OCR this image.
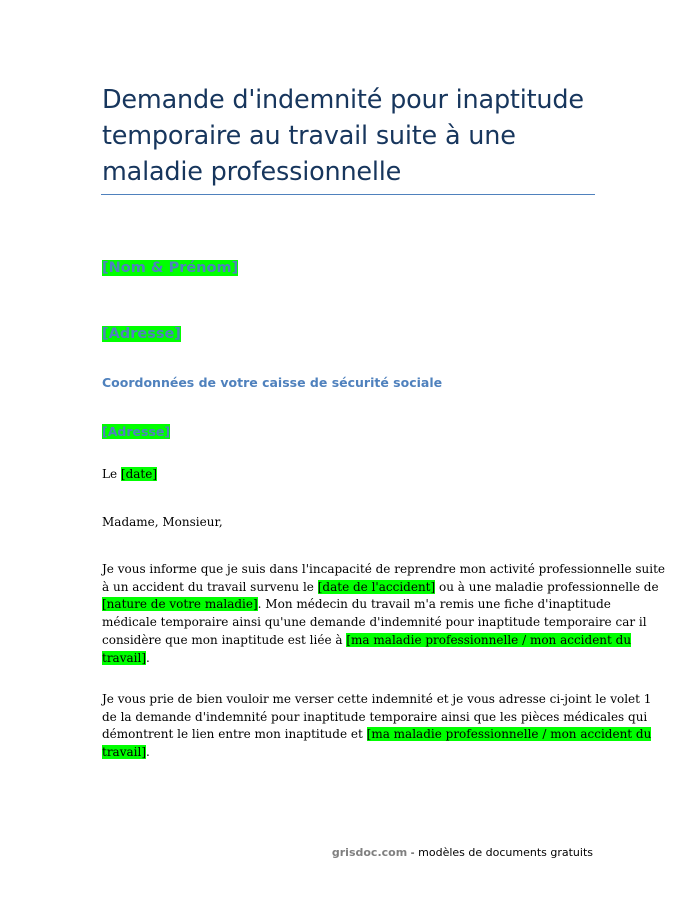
Demande d'indemnité pour inaptitude
temporaire au travail suite à une
maladie professionnelle

[Nom & Prénom]

[Adresse]

Coordonnées de votre caisse de sécurité sociale

[Adresse]

Le [date]

Madame, Monsieur,

Je vous informe que je suis dans l'incapacité de reprendre mon activité professionnelle suite
à un accident du travail survenu le [date de l'accident] ou à une maladie professionnelle de
[nature de votre maladie]. Mon médecin du travail m'a remis une fiche d'inaptitude
médicale temporaire ainsi qu'une demande d'indemnité pour inaptitude temporaire car il
considère que mon inaptitude est liée à [ma maladie professionnelle / mon accident du
travail].
Je vous prie de bien vouloir me verser cette indemnité et je vous adresse ci-joint le volet 1
de la demande d'indemnité pour inaptitude temporaire ainsi que les pièces médicales qui
démontrent le lien entre mon inaptitude et [ma maladie professionnelle / mon accident du
travail].
grisdoc.com - modèles de documents gratuits
